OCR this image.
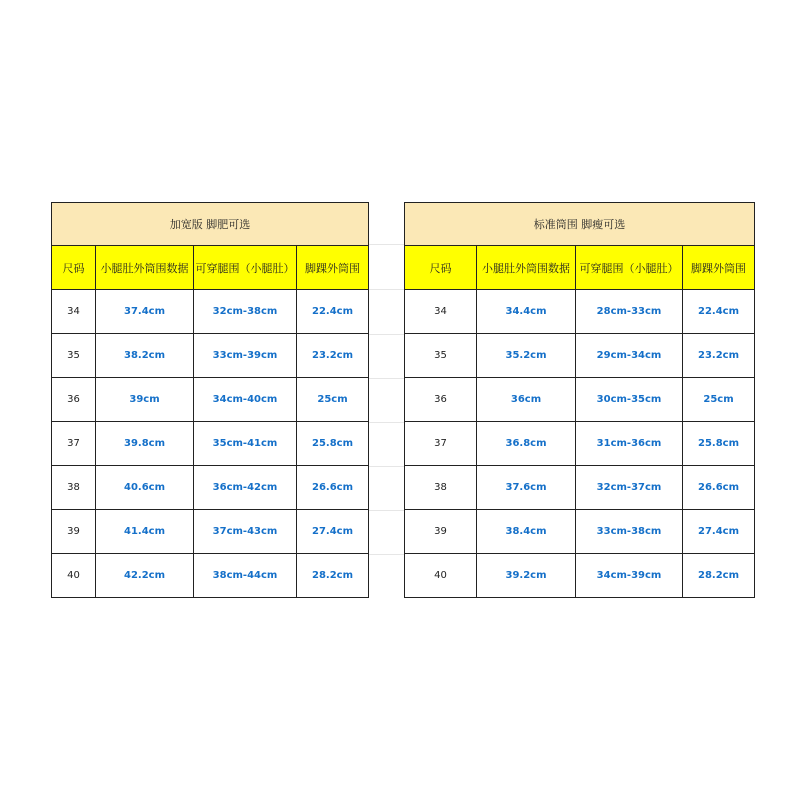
加宽版 脚肥可选			
尺码	小腿肚外筒围数据	可穿腿围（小腿肚）	脚踝外筒围
34	37.4cm	32cm-38cm	22.4cm
35	38.2cm	33cm-39cm	23.2cm
36	39cm	34cm-40cm	25cm
37	39.8cm	35cm-41cm	25.8cm
38	40.6cm	36cm-42cm	26.6cm
39	41.4cm	37cm-43cm	27.4cm
40	42.2cm	38cm-44cm	28.2cm
标准筒围 脚瘦可选			
尺码	小腿肚外筒围数据	可穿腿围（小腿肚）	脚踝外筒围
34	34.4cm	28cm-33cm	22.4cm
35	35.2cm	29cm-34cm	23.2cm
36	36cm	30cm-35cm	25cm
37	36.8cm	31cm-36cm	25.8cm
38	37.6cm	32cm-37cm	26.6cm
39	38.4cm	33cm-38cm	27.4cm
40	39.2cm	34cm-39cm	28.2cm
